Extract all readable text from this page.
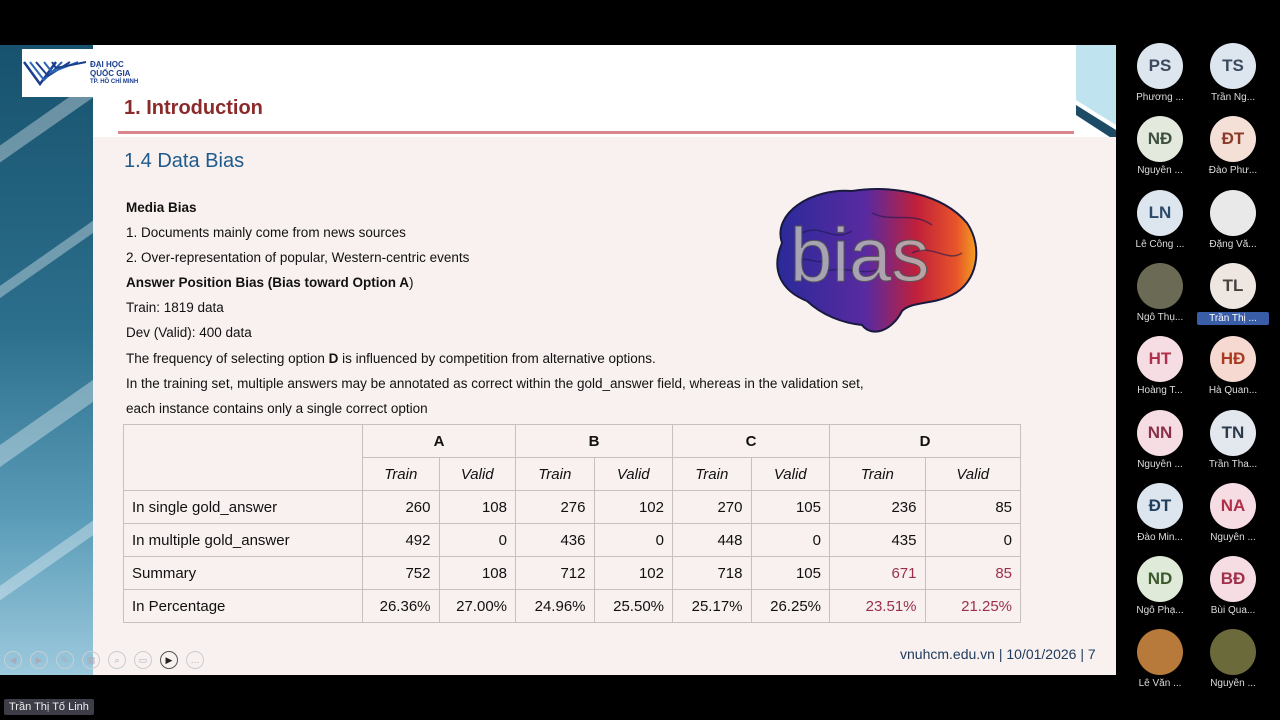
ĐẠI HỌC
QUỐC GIA
TP. HỒ CHÍ MINH
1. Introduction
1.4 Data Bias
Media Bias
1. Documents mainly come from news sources
2. Over-representation of popular, Western-centric events
Answer Position Bias (Bias toward Option A)
Train: 1819 data
Dev (Valid): 400 data
The frequency of selecting option D is influenced by competition from alternative options.
In the training set, multiple answers may be annotated as correct within the gold_answer field, whereas in the validation set,
each instance contains only a single correct option
bias
	A		B		C		D	
	Train	Valid	Train	Valid	Train	Valid	Train	Valid
In single gold_answer	260	108	276	102	270	105	236	85
In multiple gold_answer	492	0	436	0	448	0	435	0
Summary	752	108	712	102	718	105	671	85
In Percentage	26.36%	27.00%	24.96%	25.50%	25.17%	26.25%	23.51%	21.25%
vnuhcm.edu.vn | 10/01/2026 | 7
◀	▶	✎	▦	⌕	▭	▶	…
PS
Phương ...
TS
Trần Ng...
NĐ
Nguyễn ...
ĐT
Đào Phư...
LN
Lê Công ...	Đặng Vă...
Ngô Thụ...
TL
Trần Thị ...
HT
Hoàng T...
HĐ
Hà Quan...
NN
Nguyễn ...
TN
Trần Tha...
ĐT
Đào Min...
NA
Nguyễn ...
ND
Ngô Phạ...
BĐ
Bùi Qua...
Lê Văn ...	Nguyễn ...
Trần Thị Tố Linh
